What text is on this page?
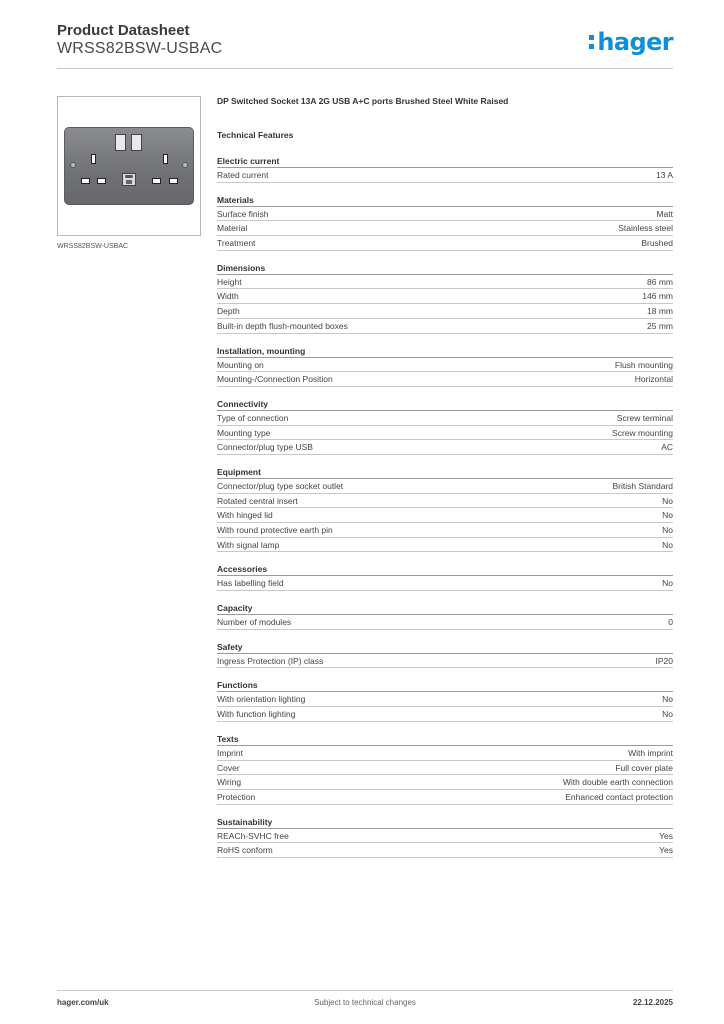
Product Datasheet
WRSS82BSW-USBAC	hager
WRSS82BSW-USBAC
DP Switched Socket 13A 2G USB A+C ports Brushed Steel White Raised
Technical Features
Electric current
Rated current	13 A
Materials
Surface finish	Matt
Material	Stainless steel
Treatment	Brushed
Dimensions
Height	86 mm
Width	146 mm
Depth	18 mm
Built-in depth flush-mounted boxes	25 mm
Installation, mounting
Mounting on	Flush mounting
Mounting-/Connection Position	Horizontal
Connectivity
Type of connection	Screw terminal
Mounting type	Screw mounting
Connector/plug type USB	AC
Equipment
Connector/plug type socket outlet	British Standard
Rotated central insert	No
With hinged lid	No
With round protective earth pin	No
With signal lamp	No
Accessories
Has labelling field	No
Capacity
Number of modules	0
Safety
Ingress Protection (IP) class	IP20
Functions
With orientation lighting	No
With function lighting	No
Texts
Imprint	With imprint
Cover	Full cover plate
Wiring	With double earth connection
Protection	Enhanced contact protection
Sustainability
REACh-SVHC free	Yes
RoHS conform	Yes
hager.com/uk	Subject to technical changes	22.12.2025
